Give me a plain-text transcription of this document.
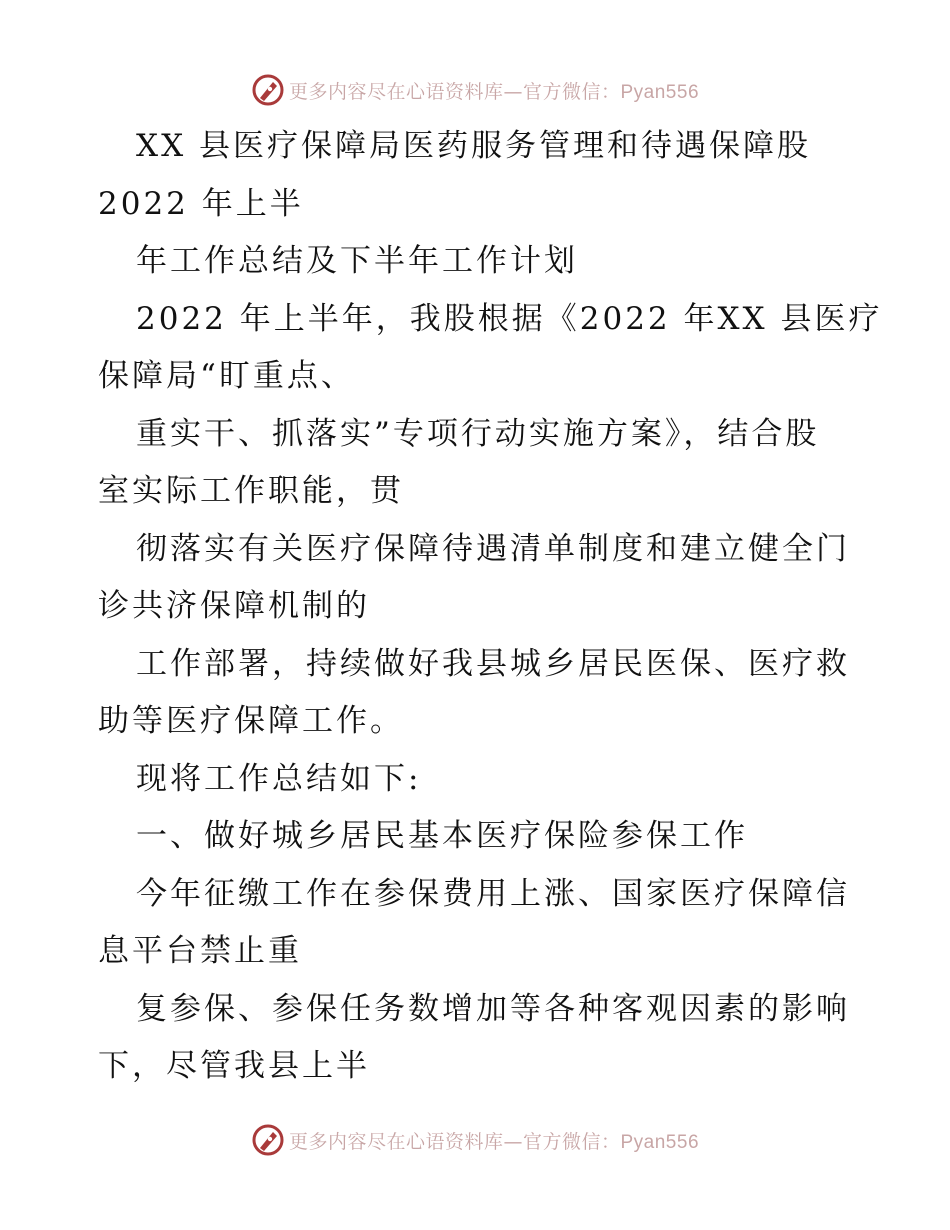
更多内容尽在心语资料库—官方微信：Pyan556

XX 县医疗保障局医药服务管理和待遇保障股

2022 年上半

年工作总结及下半年工作计划

2022 年上半年，我股根据《2022 年XX 县医疗

保障局“盯重点、

重实干、抓落实”专项行动实施方案》，结合股

室实际工作职能，贯

彻落实有关医疗保障待遇清单制度和建立健全门

诊共济保障机制的

工作部署，持续做好我县城乡居民医保、医疗救

助等医疗保障工作。

现将工作总结如下:

一、做好城乡居民基本医疗保险参保工作

今年征缴工作在参保费用上涨、国家医疗保障信

息平台禁止重

复参保、参保任务数增加等各种客观因素的影响

下，尽管我县上半

更多内容尽在心语资料库—官方微信：Pyan556
